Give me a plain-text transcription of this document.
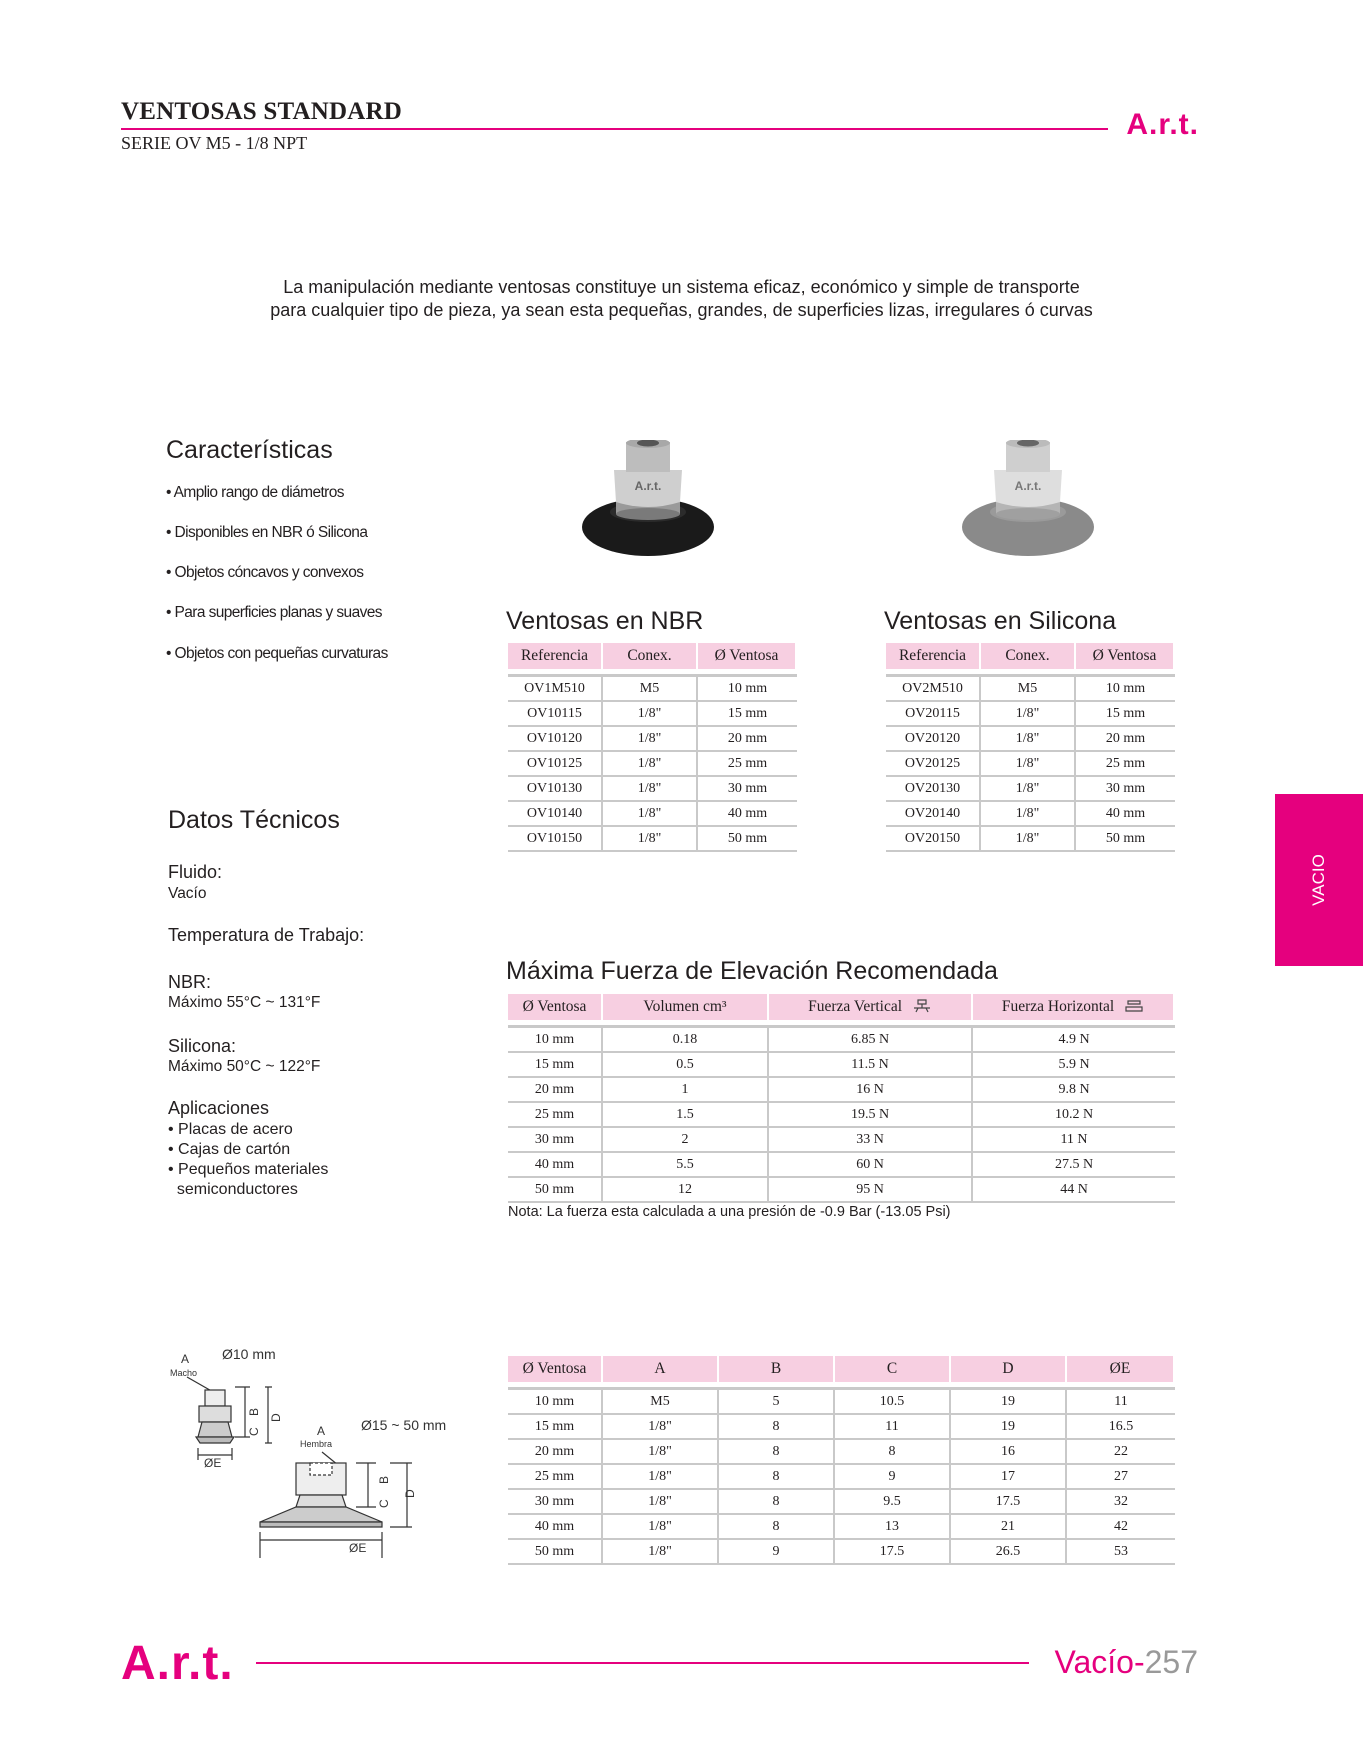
VENTOSAS STANDARD
SERIE OV M5 - 1/8 NPT
A.r.t.
La manipulación mediante ventosas constituye un sistema eficaz, económico y simple de transporte
para cualquier tipo de pieza, ya sean esta pequeñas, grandes, de superficies lizas, irregulares ó curvas
Características
• Amplio rango de diámetros
• Disponibles en NBR ó Silicona
• Objetos cóncavos y convexos
• Para superficies planas y suaves
• Objetos con pequeñas curvaturas
A.r.t.	A.r.t.
Ventosas en NBR
Referencia	Conex.	Ø Ventosa
OV1M510	M5	10 mm
OV10115	1/8"	15 mm
OV10120	1/8"	20 mm
OV10125	1/8"	25 mm
OV10130	1/8"	30 mm
OV10140	1/8"	40 mm
OV10150	1/8"	50 mm
Ventosas en Silicona
Referencia	Conex.	Ø Ventosa
OV2M510	M5	10 mm
OV20115	1/8"	15 mm
OV20120	1/8"	20 mm
OV20125	1/8"	25 mm
OV20130	1/8"	30 mm
OV20140	1/8"	40 mm
OV20150	1/8"	50 mm
VACIO
Datos Técnicos
Fluido:
Vacío
Temperatura de Trabajo:
NBR:
Máximo 55°C ~ 131°F
Silicona:
Máximo 50°C ~ 122°F
Aplicaciones
• Placas de acero
• Cajas de cartón
• Pequeños materiales
semiconductores
Máxima Fuerza de Elevación Recomendada
Ø Ventosa	Volumen cm³	Fuerza Vertical	Fuerza Horizontal
10 mm	0.18	6.85 N	4.9 N
15 mm	0.5	11.5 N	5.9 N
20 mm	1	16 N	9.8 N
25 mm	1.5	19.5 N	10.2 N
30 mm	2	33 N	11 N
40 mm	5.5	60 N	27.5 N
50 mm	12	95 N	44 N
Nota: La fuerza esta calculada a una presión de -0.9 Bar (-13.05 Psi)
Ø10 mm
A
Macho
Ø15 ~ 50 mm
A
Hembra
ØE
ØE
B
C
D
B
C
D
Ø Ventosa	A	B	C	D	ØE
10 mm	M5	5	10.5	19	11
15 mm	1/8"	8	11	19	16.5
20 mm	1/8"	8	8	16	22
25 mm	1/8"	8	9	17	27
30 mm	1/8"	8	9.5	17.5	32
40 mm	1/8"	8	13	21	42
50 mm	1/8"	9	17.5	26.5	53
A.r.t.	Vacío-257
